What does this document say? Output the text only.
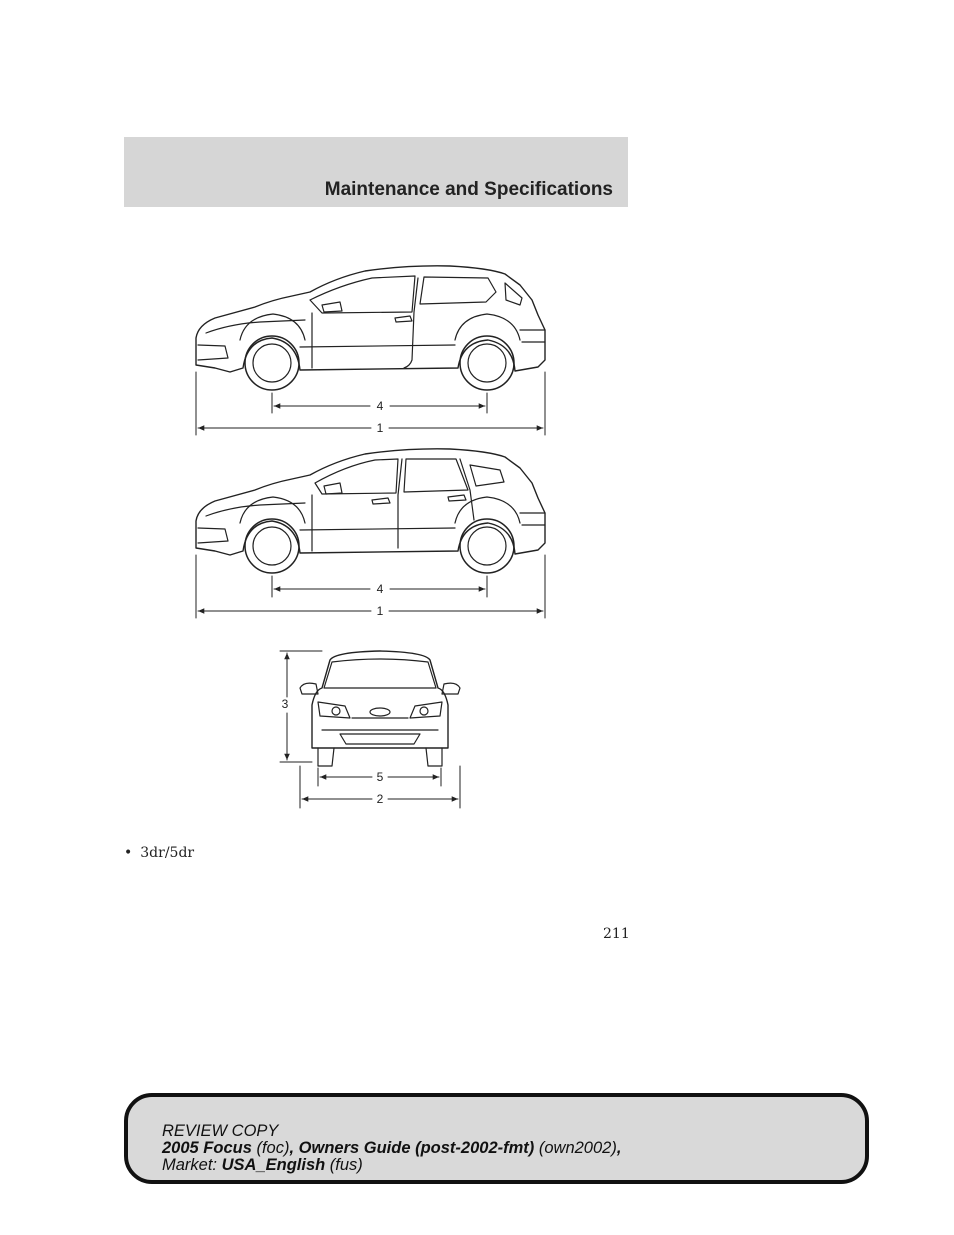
Maintenance and Specifications
4
1
4
1
3
5
2
• 3dr/5dr
211
REVIEW COPY
2005 Focus (foc), Owners Guide (post-2002-fmt) (own2002),
Market: USA_English (fus)
